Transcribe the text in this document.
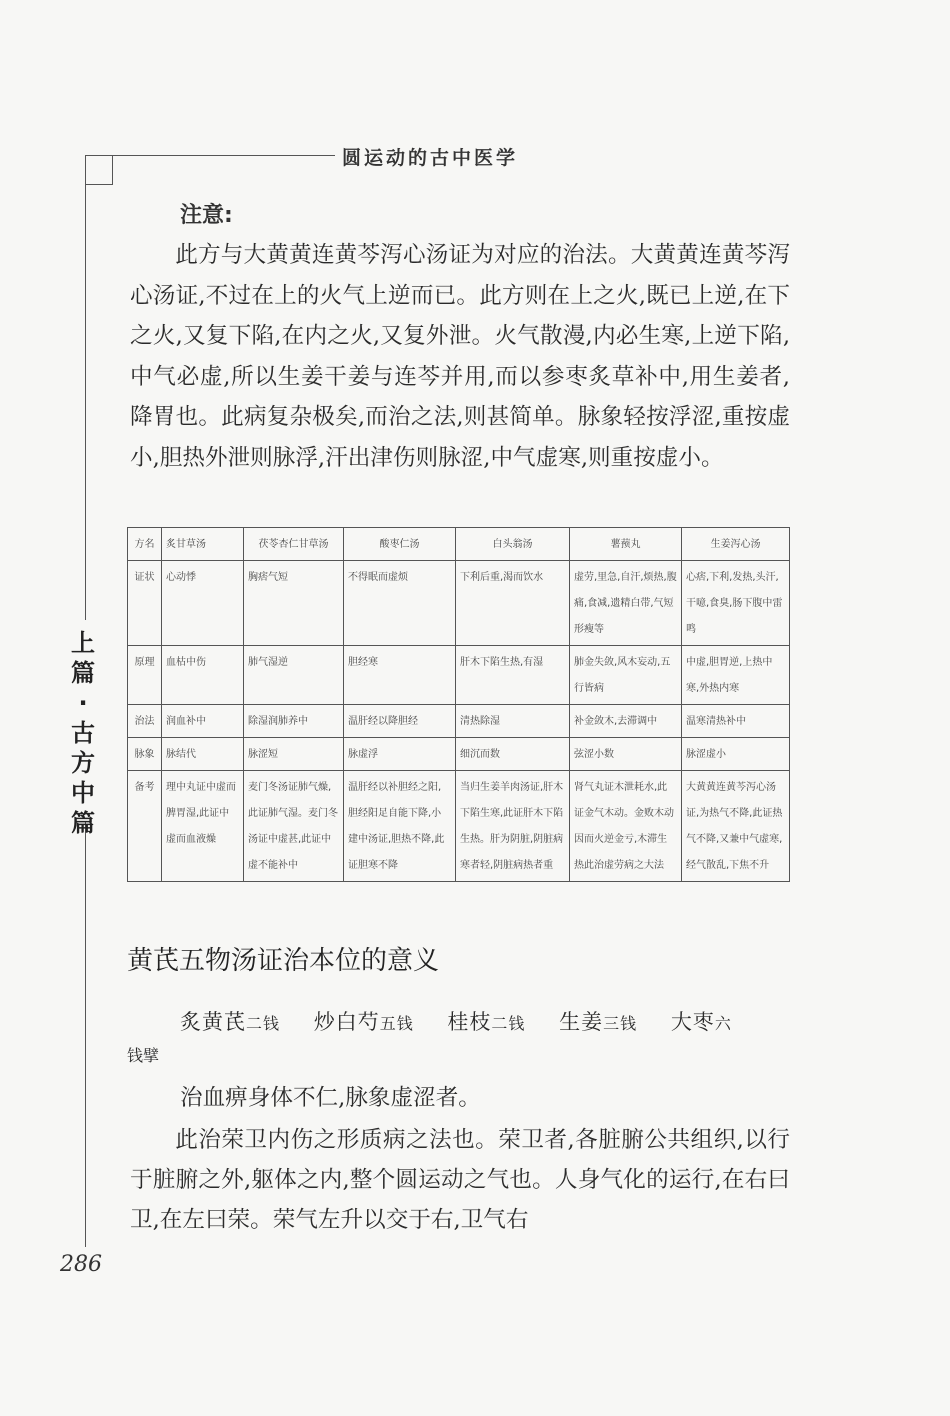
圆运动的古中医学
上
篇
·
古
方
中
篇
注意:
此方与大黄黄连黄芩泻心汤证为对应的治法。大黄黄连黄芩泻心汤证,不过在上的火气上逆而已。此方则在上之火,既已上逆,在下之火,又复下陷,在内之火,又复外泄。火气散漫,内必生寒,上逆下陷,中气必虚,所以生姜干姜与连芩并用,而以参枣炙草补中,用生姜者,降胃也。此病复杂极矣,而治之法,则甚简单。脉象轻按浮涩,重按虚小,胆热外泄则脉浮,汗出津伤则脉涩,中气虚寒,则重按虚小。
方名	炙甘草汤	茯苓杏仁甘草汤	酸枣仁汤	白头翁汤	薯蓣丸	生姜泻心汤
证状	心动悸	胸痞气短	不得眠而虚烦	下利后重,渴而饮水	虚劳,里急,自汗,烦热,腹痛,食减,遗精白带,气短形瘦等	心痞,下利,发热,头汗,干噫,食臭,肠下腹中雷鸣
原理	血枯中伤	肺气湿逆	胆经寒	肝木下陷生热,有湿	肺金失敛,风木妄动,五行皆病	中虚,胆胃逆,上热中寒,外热内寒
治法	润血补中	除湿润肺养中	温肝经以降胆经	清热除湿	补金敛木,去滞调中	温寒清热补中
脉象	脉结代	脉涩短	脉虚浮	细沉而数	弦涩小数	脉涩虚小
备考	理中丸证中虚而脾胃湿,此证中虚而血液燥	麦门冬汤证肺气燥,此证肺气湿。麦门冬汤证中虚甚,此证中虚不能补中	温肝经以补胆经之阳,胆经阳足自能下降,小建中汤证,胆热不降,此证胆寒不降	当归生姜羊肉汤证,肝木下陷生寒,此证肝木下陷生热。肝为阴脏,阴脏病寒者轻,阴脏病热者重	肾气丸证木泄耗水,此证金气木动。金败木动因而火逆金亏,木滞生热此治虚劳病之大法	大黄黄连黄芩泻心汤证,为热气不降,此证热气不降,又兼中气虚寒,经气散乱,下焦不升
黄芪五物汤证治本位的意义
炙黄芪二钱 炒白芍五钱 桂枝二钱 生姜三钱 大枣六
钱擘
治血痹身体不仁,脉象虚涩者。
此治荣卫内伤之形质病之法也。荣卫者,各脏腑公共组织,以行于脏腑之外,躯体之内,整个圆运动之气也。人身气化的运行,在右曰卫,在左曰荣。荣气左升以交于右,卫气右
286
